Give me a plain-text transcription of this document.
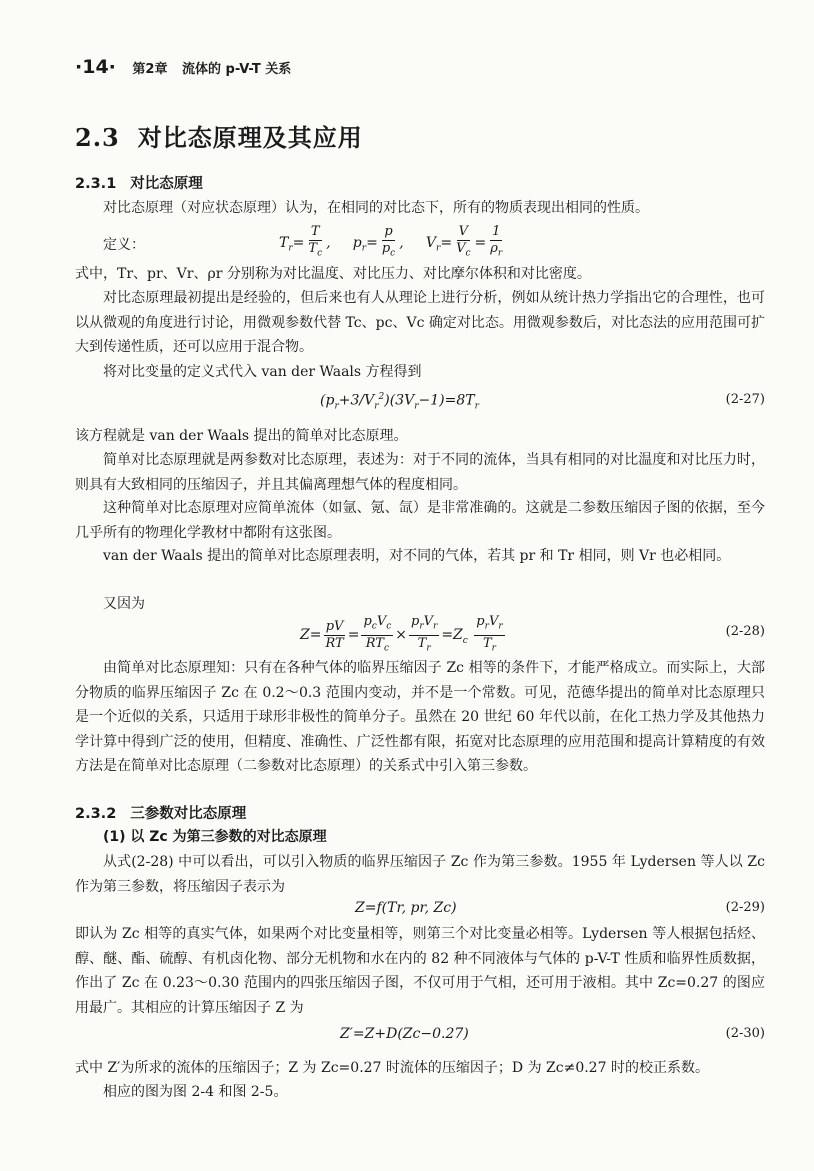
·14· 第2章 流体的 p-V-T 关系
2.3 对比态原理及其应用
2.3.1 对比态原理
对比态原理（对应状态原理）认为，在相同的对比态下，所有的物质表现出相同的性质。
定义：	$T_r= \frac{T}{T_c}$ ,     $p_r= \frac{p}{p_c}$ ,     $V_r= \frac{V}{V_c} = \frac{1}{\rho_r}$
式中，Tr、pr、Vr、ρr 分别称为对比温度、对比压力、对比摩尔体积和对比密度。
对比态原理最初提出是经验的，但后来也有人从理论上进行分析，例如从统计热力学指出它的合理性，也可以从微观的角度进行讨论，用微观参数代替 Tc、pc、Vc 确定对比态。用微观参数后，对比态法的应用范围可扩大到传递性质，还可以应用于混合物。
将对比变量的定义式代入 van der Waals 方程得到
$(p_r+3/V_r^2)(3V_r-1)=8T_r$	(2-27)
该方程就是 van der Waals 提出的简单对比态原理。
简单对比态原理就是两参数对比态原理，表述为：对于不同的流体，当具有相同的对比温度和对比压力时，则具有大致相同的压缩因子，并且其偏离理想气体的程度相同。
这种简单对比态原理对应简单流体（如氩、氪、氙）是非常准确的。这就是二参数压缩因子图的依据，至今几乎所有的物理化学教材中都附有这张图。
van der Waals 提出的简单对比态原理表明，对不同的气体，若其 pr 和 Tr 相同，则 Vr 也必相同。
又因为
$Z= \frac{pV}{RT} = \frac{p_cV_c}{RT_c} \times \frac{p_rV_r}{T_r} =Z_c \frac{p_rV_r}{T_r}$	(2-28)
由简单对比态原理知：只有在各种气体的临界压缩因子 Zc 相等的条件下，才能严格成立。而实际上，大部分物质的临界压缩因子 Zc 在 0.2～0.3 范围内变动，并不是一个常数。可见，范德华提出的简单对比态原理只是一个近似的关系，只适用于球形非极性的简单分子。虽然在 20 世纪 60 年代以前，在化工热力学及其他热力学计算中得到广泛的使用，但精度、准确性、广泛性都有限，拓宽对比态原理的应用范围和提高计算精度的有效方法是在简单对比态原理（二参数对比态原理）的关系式中引入第三参数。
2.3.2 三参数对比态原理
(1) 以 Zc 为第三参数的对比态原理
从式(2-28) 中可以看出，可以引入物质的临界压缩因子 Zc 作为第三参数。1955 年 Lydersen 等人以 Zc 作为第三参数，将压缩因子表示为
Z=f(Tr, pr, Zc)	(2-29)
即认为 Zc 相等的真实气体，如果两个对比变量相等，则第三个对比变量必相等。Lydersen 等人根据包括烃、醇、醚、酯、硫醇、有机卤化物、部分无机物和水在内的 82 种不同液体与气体的 p-V-T 性质和临界性质数据，作出了 Zc 在 0.23～0.30 范围内的四张压缩因子图，不仅可用于气相，还可用于液相。其中 Zc=0.27 的图应用最广。其相应的计算压缩因子 Z 为
Z′=Z+D(Zc−0.27)	(2-30)
式中 Z′为所求的流体的压缩因子；Z 为 Zc=0.27 时流体的压缩因子；D 为 Zc≠0.27 时的校正系数。
相应的图为图 2-4 和图 2-5。
